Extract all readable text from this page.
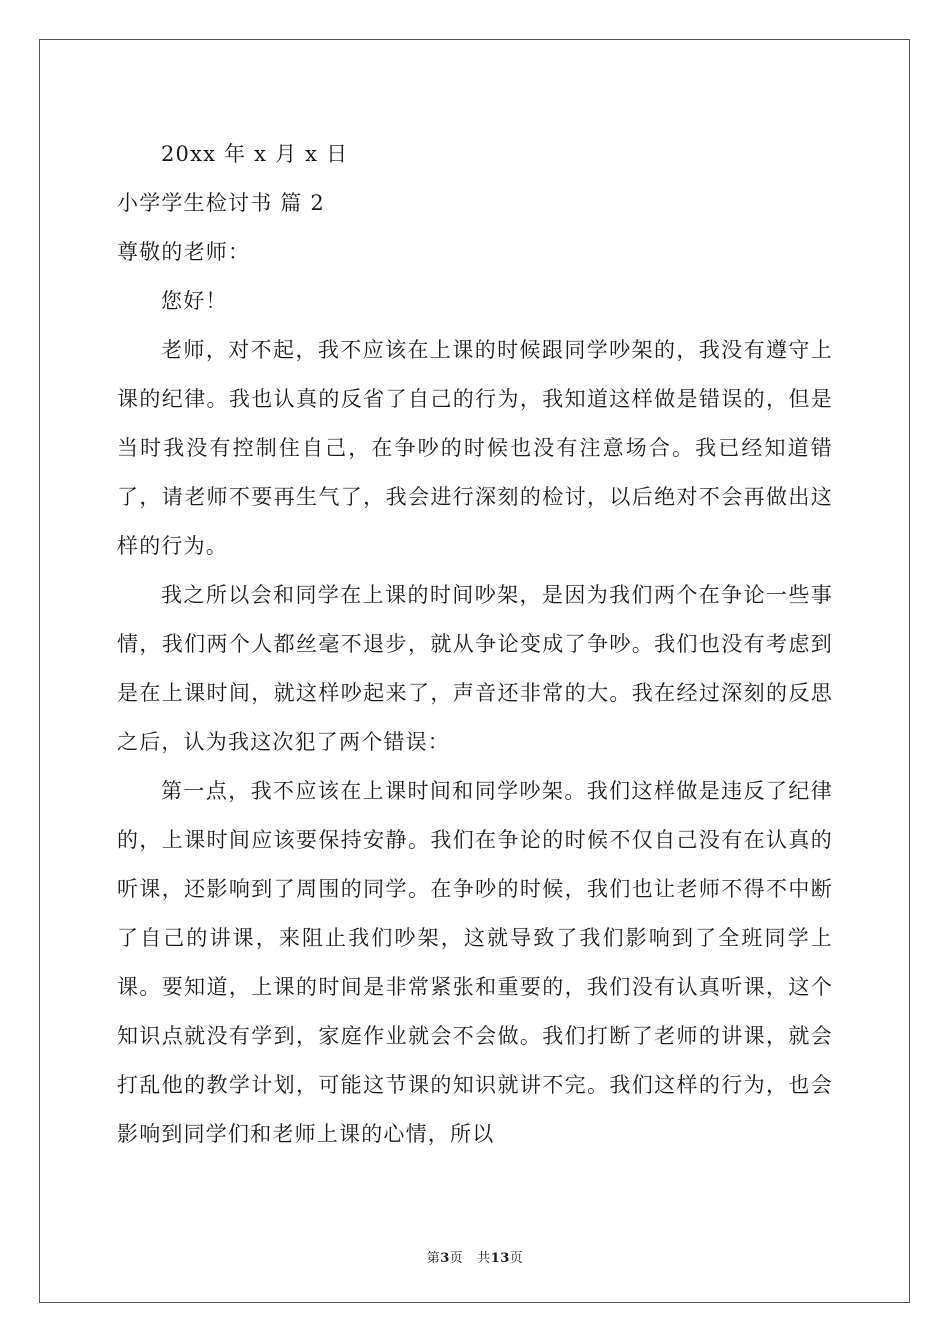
20xx 年 x 月 x 日
小学学生检讨书 篇 2
尊敬的老师：
您好！

老师，对不起，我不应该在上课的时候跟同学吵架的，我没有遵守上课的纪律。我也认真的反省了自己的行为，我知道这样做是错误的，但是当时我没有控制住自己，在争吵的时候也没有注意场合。我已经知道错了，请老师不要再生气了，我会进行深刻的检讨，以后绝对不会再做出这样的行为。

我之所以会和同学在上课的时间吵架，是因为我们两个在争论一些事情，我们两个人都丝毫不退步，就从争论变成了争吵。我们也没有考虑到是在上课时间，就这样吵起来了，声音还非常的大。我在经过深刻的反思之后，认为我这次犯了两个错误：

第一点，我不应该在上课时间和同学吵架。我们这样做是违反了纪律的，上课时间应该要保持安静。我们在争论的时候不仅自己没有在认真的听课，还影响到了周围的同学。在争吵的时候，我们也让老师不得不中断了自己的讲课，来阻止我们吵架，这就导致了我们影响到了全班同学上课。要知道，上课的时间是非常紧张和重要的，我们没有认真听课，这个知识点就没有学到，家庭作业就会不会做。我们打断了老师的讲课，就会打乱他的教学计划，可能这节课的知识就讲不完。我们这样的行为，也会影响到同学们和老师上课的心情，所以

第3页 共13页
